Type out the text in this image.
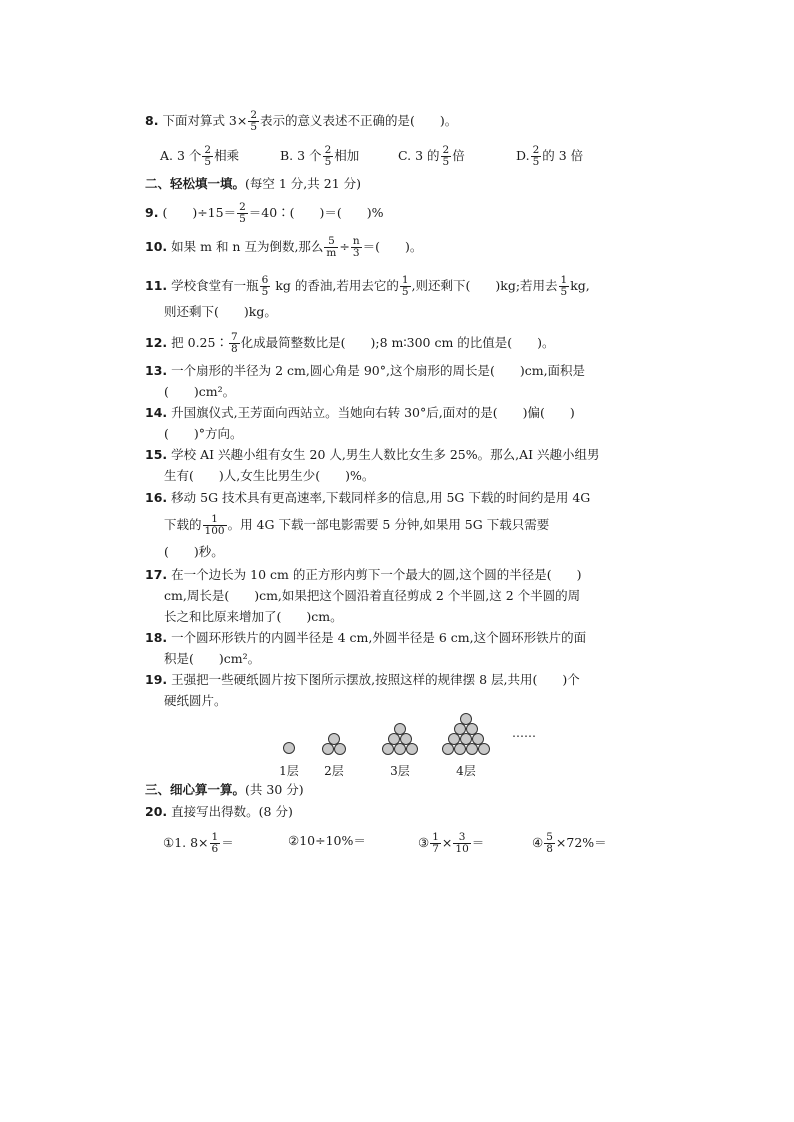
8. 下面对算式 $3\times \frac{2}{5}$ 表示的意义表述不正确的是(　　)。
A. 3 个 $\frac{2}{5}$ 相乘	B. 3 个 $\frac{2}{5}$ 相加	C. 3 的 $\frac{2}{5}$ 倍	D. $\frac{2}{5}$ 的 3 倍
二、轻松填一填。(每空 1 分,共 21 分)
9. (　　)$\div 15= \frac{2}{5}$ ＝40∶(　　)＝(　　)%
10. 如果 m 和 n 互为倒数,那么 $\frac{5}{m} \div \frac{n}{3}$ ＝(　　)。
11. 学校食堂有一瓶 $\frac{6}{5}$ kg 的香油,若用去它的 $\frac{1}{5}$ ,则还剩下(　　)kg;若用去 $\frac{1}{5}$ kg,
则还剩下(　　)kg。
12. 把 0.25∶ $\frac{7}{8}$ 化成最简整数比是(　　);8 m∶300 cm 的比值是(　　)。
13. 一个扇形的半径为 2 cm,圆心角是 90°,这个扇形的周长是(　　)cm,面积是
(　　)cm²。
14. 升国旗仪式,王芳面向西站立。当她向右转 30°后,面对的是(　　)偏(　　)
(　　)°方向。
15. 学校 AI 兴趣小组有女生 20 人,男生人数比女生多 25%。那么,AI 兴趣小组男
生有(　　)人,女生比男生少(　　)%。
16. 移动 5G 技术具有更高速率,下载同样多的信息,用 5G 下载的时间约是用 4G
下载的 $\frac{1}{100}$ 。用 4G 下载一部电影需要 5 分钟,如果用 5G 下载只需要
(　　)秒。
17. 在一个边长为 10 cm 的正方形内剪下一个最大的圆,这个圆的半径是(　　)
cm,周长是(　　)cm,如果把这个圆沿着直径剪成 2 个半圆,这 2 个半圆的周
长之和比原来增加了(　　)cm。
18. 一个圆环形铁片的内圆半径是 4 cm,外圆半径是 6 cm,这个圆环形铁片的面
积是(　　)cm²。
19. 王强把一些硬纸圆片按下图所示摆放,按照这样的规律摆 8 层,共用(　　)个
硬纸圆片。
1层	2层	3层	4层
……
三、细心算一算。(共 30 分)
20. 直接写出得数。(8 分)
①1. $8\times \frac{1}{6}$ ＝	②10÷10%＝	③ $\frac{1}{7} \times \frac{3}{10}$ ＝	④ $\frac{5}{8} \times 72\%=$
